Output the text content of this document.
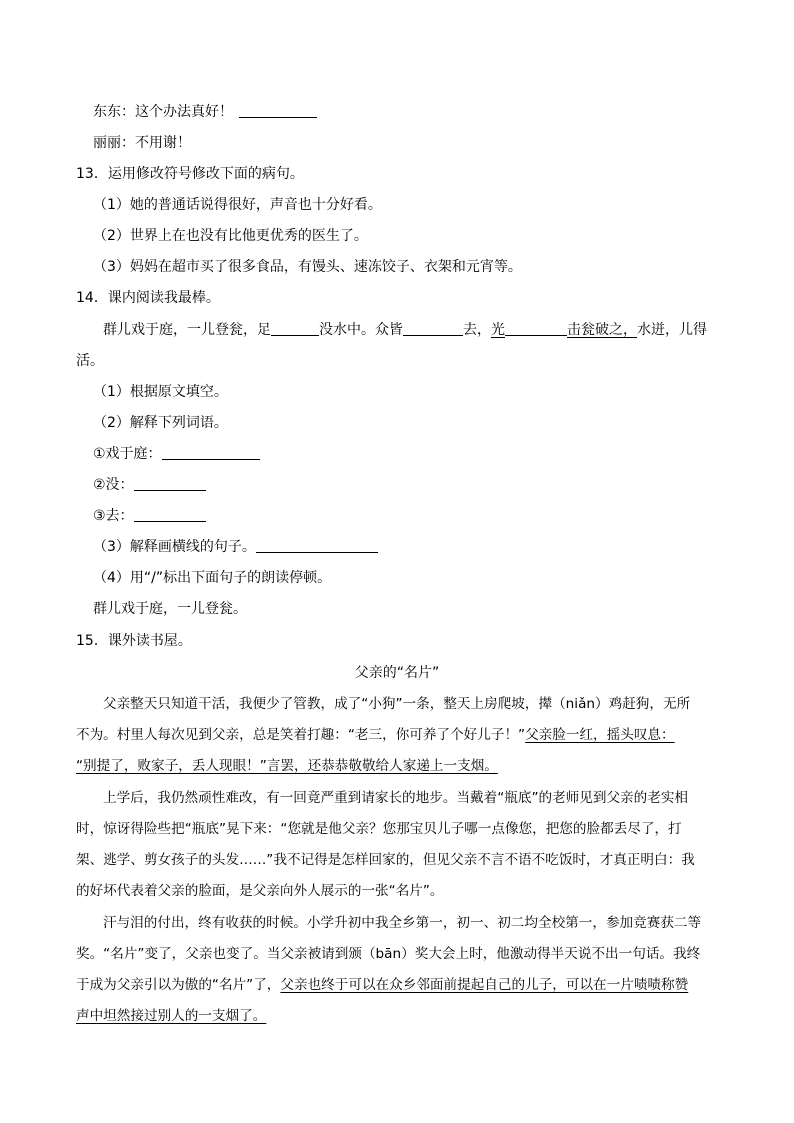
东东：这个办法真好！
丽丽：不用谢！
13．运用修改符号修改下面的病句。
（1）她的普通话说得很好，声音也十分好看。
（2）世界上在也没有比他更优秀的医生了。
（3）妈妈在超市买了很多食品，有馒头、速冻饺子、衣架和元宵等。
14．课内阅读我最棒。
群儿戏于庭，一儿登瓮，足	没水中。众皆	去，光	击瓮破之，水迸，儿得
活。
（1）根据原文填空。
（2）解释下列词语。
①戏于庭：
②没：
③去：
（3）解释画横线的句子。
（4）用“/”标出下面句子的朗读停顿。
群儿戏于庭，一儿登瓮。
15．课外读书屋。
父亲的“名片”
父亲整天只知道干活，我便少了管教，成了“小狗”一条，整天上房爬坡，撵（niǎn）鸡赶狗，无所
不为。村里人每次见到父亲，总是笑着打趣：“老三，你可养了个好儿子！”父亲脸一红，摇头叹息：
“别提了，败家子，丢人现眼！”言罢，还恭恭敬敬给人家递上一支烟。
上学后，我仍然顽性难改，有一回竟严重到请家长的地步。当戴着“瓶底”的老师见到父亲的老实相
时，惊讶得险些把“瓶底”晃下来：“您就是他父亲？您那宝贝儿子哪一点像您，把您的脸都丢尽了，打
架、逃学、剪女孩子的头发……”我不记得是怎样回家的，但见父亲不言不语不吃饭时，才真正明白：我
的好坏代表着父亲的脸面，是父亲向外人展示的一张“名片”。
汗与泪的付出，终有收获的时候。小学升初中我全乡第一，初一、初二均全校第一，参加竞赛获二等
奖。“名片”变了，父亲也变了。当父亲被请到颁（bān）奖大会上时，他激动得半天说不出一句话。我终
于成为父亲引以为傲的“名片”了，父亲也终于可以在众乡邻面前提起自己的儿子，可以在一片啧啧称赞
声中坦然接过别人的一支烟了。
